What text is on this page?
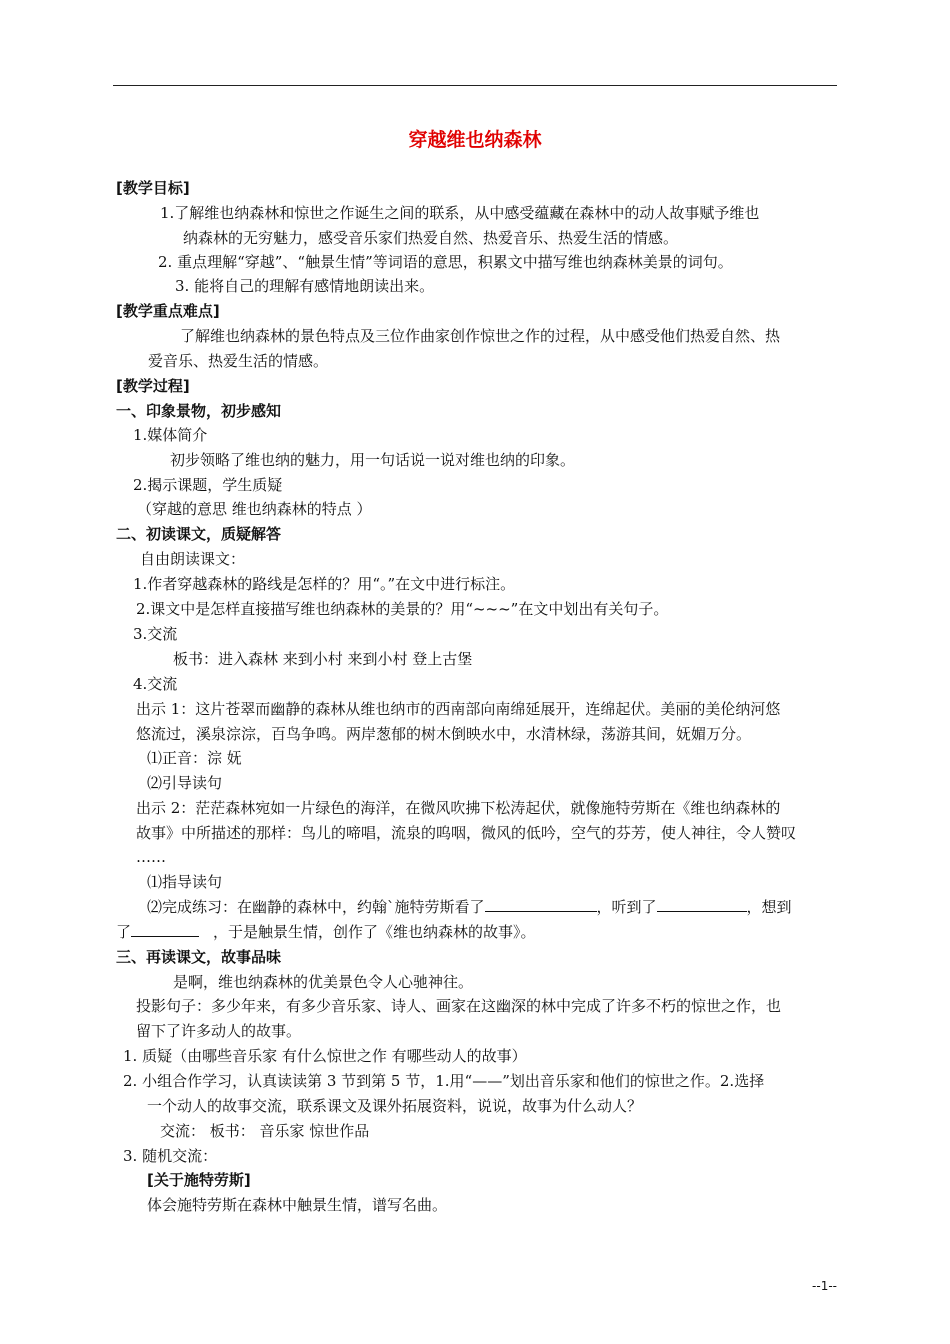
穿越维也纳森林
[教学目标]
1.了解维也纳森林和惊世之作诞生之间的联系，从中感受蕴藏在森林中的动人故事赋予维也
纳森林的无穷魅力，感受音乐家们热爱自然、热爱音乐、热爱生活的情感。
2. 重点理解“穿越”、“触景生情”等词语的意思，积累文中描写维也纳森林美景的词句。
3. 能将自己的理解有感情地朗读出来。
[教学重点难点]
了解维也纳森林的景色特点及三位作曲家创作惊世之作的过程，从中感受他们热爱自然、热
爱音乐、热爱生活的情感。
[教学过程]
一、印象景物，初步感知
1.媒体简介
初步领略了维也纳的魅力，用一句话说一说对维也纳的印象。
2.揭示课题，学生质疑
（穿越的意思 维也纳森林的特点 ）
二、初读课文，质疑解答
自由朗读课文：
1.作者穿越森林的路线是怎样的？用“。”在文中进行标注。
2.课文中是怎样直接描写维也纳森林的美景的？用“~~~”在文中划出有关句子。
3.交流
板书：进入森林 来到小村 来到小村 登上古堡
4.交流
出示 1：这片苍翠而幽静的森林从维也纳市的西南部向南绵延展开，连绵起伏。美丽的美伦纳河悠
悠流过，溪泉淙淙，百鸟争鸣。两岸葱郁的树木倒映水中，水清林绿，荡游其间，妩媚万分。
⑴正音：淙 妩
⑵引导读句
出示 2：茫茫森林宛如一片绿色的海洋，在微风吹拂下松涛起伏，就像施特劳斯在《维也纳森林的
故事》中所描述的那样：鸟儿的啼唱，流泉的呜咽，微风的低吟，空气的芬芳，使人神往，令人赞叹
……
⑴指导读句
⑵完成练习：在幽静的森林中，约翰`施特劳斯看了	，听到了	，想到
了	，于是触景生情，创作了《维也纳森林的故事》。
三、再读课文，故事品味
是啊，维也纳森林的优美景色令人心驰神往。
投影句子：多少年来，有多少音乐家、诗人、画家在这幽深的林中完成了许多不朽的惊世之作，也
留下了许多动人的故事。
1. 质疑（由哪些音乐家 有什么惊世之作 有哪些动人的故事）
2. 小组合作学习，认真读读第 3 节到第 5 节，1.用“——”划出音乐家和他们的惊世之作。2.选择
一个动人的故事交流，联系课文及课外拓展资料，说说，故事为什么动人？
交流： 板书： 音乐家 惊世作品
3. 随机交流：
[关于施特劳斯]
体会施特劳斯在森林中触景生情，谱写名曲。
--1--
